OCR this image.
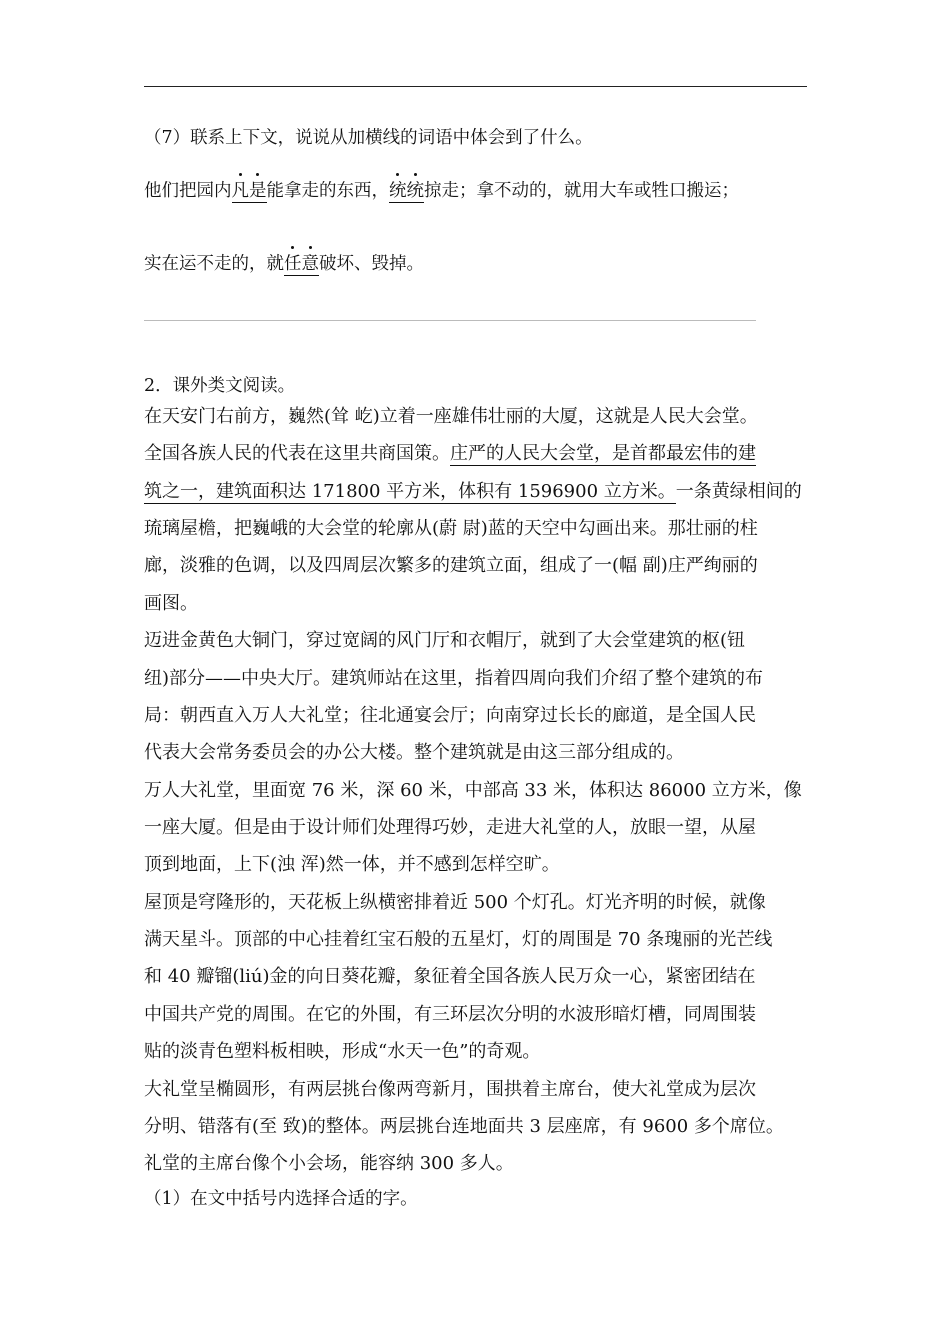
（7）联系上下文，说说从加横线的词语中体会到了什么。
他们把园内凡是能拿走的东西，统统掠走；拿不动的，就用大车或牲口搬运；
实在运不走的，就任意破坏、毁掉。
2．课外类文阅读。
在天安门右前方，巍然(耸 屹)立着一座雄伟壮丽的大厦，这就是人民大会堂。
全国各族人民的代表在这里共商国策。庄严的人民大会堂，是首都最宏伟的建
筑之一，建筑面积达 171800 平方米，体积有 1596900 立方米。一条黄绿相间的
琉璃屋檐，把巍峨的大会堂的轮廓从(蔚 尉)蓝的天空中勾画出来。那壮丽的柱
廊，淡雅的色调，以及四周层次繁多的建筑立面，组成了一(幅 副)庄严绚丽的
画图。
迈进金黄色大铜门，穿过宽阔的风门厅和衣帽厅，就到了大会堂建筑的枢(钮
纽)部分——中央大厅。建筑师站在这里，指着四周向我们介绍了整个建筑的布
局：朝西直入万人大礼堂；往北通宴会厅；向南穿过长长的廊道，是全国人民
代表大会常务委员会的办公大楼。整个建筑就是由这三部分组成的。
万人大礼堂，里面宽 76 米，深 60 米，中部高 33 米，体积达 86000 立方米，像
一座大厦。但是由于设计师们处理得巧妙，走进大礼堂的人，放眼一望，从屋
顶到地面，上下(浊 浑)然一体，并不感到怎样空旷。
屋顶是穹隆形的，天花板上纵横密排着近 500 个灯孔。灯光齐明的时候，就像
满天星斗。顶部的中心挂着红宝石般的五星灯，灯的周围是 70 条瑰丽的光芒线
和 40 瓣镏(liú)金的向日葵花瓣，象征着全国各族人民万众一心，紧密团结在
中国共产党的周围。在它的外围，有三环层次分明的水波形暗灯槽，同周围装
贴的淡青色塑料板相映，形成“水天一色”的奇观。
大礼堂呈椭圆形，有两层挑台像两弯新月，围拱着主席台，使大礼堂成为层次
分明、错落有(至 致)的整体。两层挑台连地面共 3 层座席，有 9600 多个席位。
礼堂的主席台像个小会场，能容纳 300 多人。
（1）在文中括号内选择合适的字。
